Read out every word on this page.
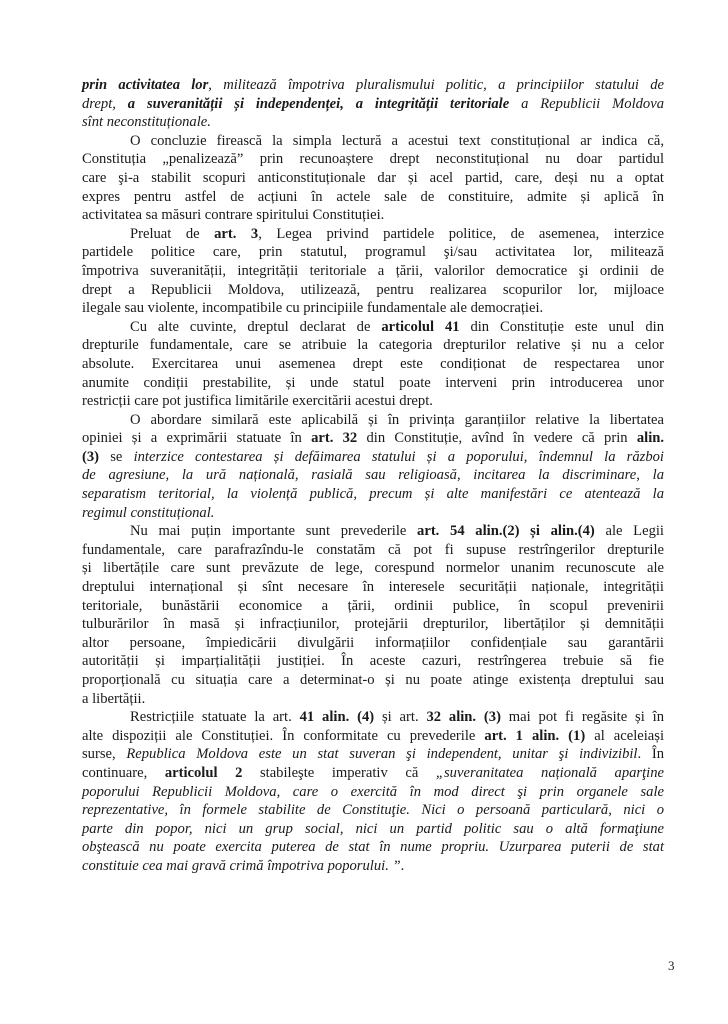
prin activitatea lor, militează împotriva pluralismului politic, a principiilor statului de
drept, a suveranității și independenței, a integrității teritoriale a Republicii Moldova
sînt neconstituționale.
O concluzie firească la simpla lectură a acestui text constituțional ar indica că,
Constituția „penalizează” prin recunoaștere drept neconstituțional nu doar partidul
care şi-a stabilit scopuri anticonstituționale dar și acel partid, care, deși nu a optat
expres pentru astfel de acțiuni în actele sale de constituire, admite și aplică în
activitatea sa măsuri contrare spiritului Constituției.
Preluat de art. 3, Legea privind partidele politice, de asemenea, interzice
partidele politice care, prin statutul, programul şi/sau activitatea lor, militează
împotriva suveranității, integrității teritoriale a țării, valorilor democratice şi ordinii de
drept a Republicii Moldova, utilizează, pentru realizarea scopurilor lor, mijloace
ilegale sau violente, incompatibile cu principiile fundamentale ale democrației.
Cu alte cuvinte, dreptul declarat de articolul 41 din Constituție este unul din
drepturile fundamentale, care se atribuie la categoria drepturilor relative și nu a celor
absolute. Exercitarea unui asemenea drept este condiționat de respectarea unor
anumite condiții prestabilite, și unde statul poate interveni prin introducerea unor
restricții care pot justifica limitările exercitării acestui drept.
O abordare similară este aplicabilă și în privința garanțiilor relative la libertatea
opiniei și a exprimării statuate în art. 32 din Constituție, avînd în vedere că prin alin.
(3) se interzice contestarea și defăimarea statului și a poporului, îndemnul la război
de agresiune, la ură națională, rasială sau religioasă, incitarea la discriminare, la
separatism teritorial, la violență publică, precum și alte manifestări ce atentează la
regimul constituțional.
Nu mai puțin importante sunt prevederile art. 54 alin.(2) și alin.(4) ale Legii
fundamentale, care parafrazîndu-le constatăm că pot fi supuse restrîngerilor drepturile
și libertățile care sunt prevăzute de lege, corespund normelor unanim recunoscute ale
dreptului internațional și sînt necesare în interesele securității naționale, integrității
teritoriale, bunăstării economice a țării, ordinii publice, în scopul prevenirii
tulburărilor în masă și infracțiunilor, protejării drepturilor, libertăților și demnității
altor persoane, împiedicării divulgării informațiilor confidențiale sau garantării
autorității și imparțialității justiției. În aceste cazuri, restrîngerea trebuie să fie
proporțională cu situația care a determinat-o și nu poate atinge existența dreptului sau
a libertății.
Restricțiile statuate la art. 41 alin. (4) și art. 32 alin. (3) mai pot fi regăsite și în
alte dispoziții ale Constituției. În conformitate cu prevederile art. 1 alin. (1) al aceleiași
surse, Republica Moldova este un stat suveran şi independent, unitar şi indivizibil. În
continuare, articolul 2 stabileşte imperativ că „suveranitatea națională aparţine
poporului Republicii Moldova, care o exercită în mod direct şi prin organele sale
reprezentative, în formele stabilite de Constituţie. Nici o persoană particulară, nici o
parte din popor, nici un grup social, nici un partid politic sau o altă formaţiune
obştească nu poate exercita puterea de stat în nume propriu. Uzurparea puterii de stat
constituie cea mai gravă crimă împotriva poporului. ”.
3
